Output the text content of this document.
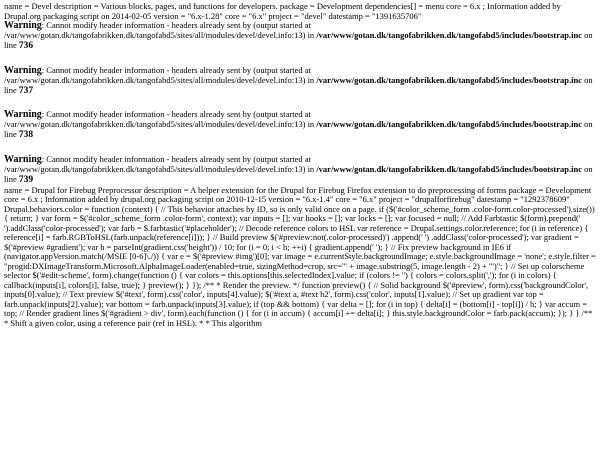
name = Devel description = Various blocks, pages, and functions for developers. package = Development dependencies[] = menu core = 6.x ; Information added by Drupal.org packaging script on 2014-02-05 version = "6.x-1.28" core = "6.x" project = "devel" datestamp = "1391635706"
Warning: Cannot modify header information - headers already sent by (output started at /var/www/gotan.dk/tangofabrikken.dk/tangofabd5/sites/all/modules/devel/devel.info:13) in /var/www/gotan.dk/tangofabrikken.dk/tangofabd5/includes/bootstrap.inc on line 736
Warning: Cannot modify header information - headers already sent by (output started at /var/www/gotan.dk/tangofabrikken.dk/tangofabd5/sites/all/modules/devel/devel.info:13) in /var/www/gotan.dk/tangofabrikken.dk/tangofabd5/includes/bootstrap.inc on line 737
Warning: Cannot modify header information - headers already sent by (output started at /var/www/gotan.dk/tangofabrikken.dk/tangofabd5/sites/all/modules/devel/devel.info:13) in /var/www/gotan.dk/tangofabrikken.dk/tangofabd5/includes/bootstrap.inc on line 738
Warning: Cannot modify header information - headers already sent by (output started at /var/www/gotan.dk/tangofabrikken.dk/tangofabd5/sites/all/modules/devel/devel.info:13) in /var/www/gotan.dk/tangofabrikken.dk/tangofabd5/includes/bootstrap.inc on line 739
name = Drupal for Firebug Preprocessor description = A helper extension for the Drupal for Firebug Firefox extension to do preprocessing of forms package = Development core = 6.x ; Information added by drupal.org packaging script on 2010-12-15 version = "6.x-1.4" core = "6.x" project = "drupalforfirebug" datestamp = "1292378609" Drupal.behaviors.color = function (context) { // This behavior attaches by ID, so is only valid once on a page. if ($('#color_scheme_form .color-form.color-processed').size()) { return; } var form = $('#color_scheme_form .color-form', context); var inputs = []; var hooks = []; var locks = []; var focused = null; // Add Farbtastic $(form).prepend(' ').addClass('color-processed'); var farb = $.farbtastic('#placeholder'); // Decode reference colors to HSL var reference = Drupal.settings.color.reference; for (i in reference) { reference[i] = farb.RGBToHSL(farb.unpack(reference[i])); } // Build preview $('#preview:not(.color-processed)') .append(' ') .addClass('color-processed'); var gradient = $('#preview #gradient'); var h = parseInt(gradient.css('height')) / 10; for (i = 0; i < h; ++i) { gradient.append(' '); } // Fix preview background in IE6 if (navigator.appVersion.match(/MSIE [0-6]\./)) { var e = $('#preview #img')[0]; var image = e.currentStyle.backgroundImage; e.style.backgroundImage = 'none'; e.style.filter = "progid:DXImageTransform.Microsoft.AlphaImageLoader(enabled=true, sizingMethod=crop, src='" + image.substring(5, image.length - 2) + "')"; } // Set up colorscheme selector $('#edit-scheme', form).change(function () { var colors = this.options[this.selectedIndex].value; if (colors != '') { colors = colors.split(','); for (i in colors) { callback(inputs[i], colors[i], false, true); } preview(); } }); /** * Render the preview. */ function preview() { // Solid background $('#preview', form).css('backgroundColor', inputs[0].value); // Text preview $('#text', form).css('color', inputs[4].value); $('#text a, #text h2', form).css('color', inputs[1].value); // Set up gradient var top = farb.unpack(inputs[2].value); var bottom = farb.unpack(inputs[3].value); if (top && bottom) { var delta = []; for (i in top) { delta[i] = (bottom[i] - top[i]) / h; } var accum = top; // Render gradient lines $('#gradient > div', form).each(function () { for (i in accum) { accum[i] += delta[i]; } this.style.backgroundColor = farb.pack(accum); }); } } /** * Shift a given color, using a reference pair (ref in HSL). * * This algorithm
